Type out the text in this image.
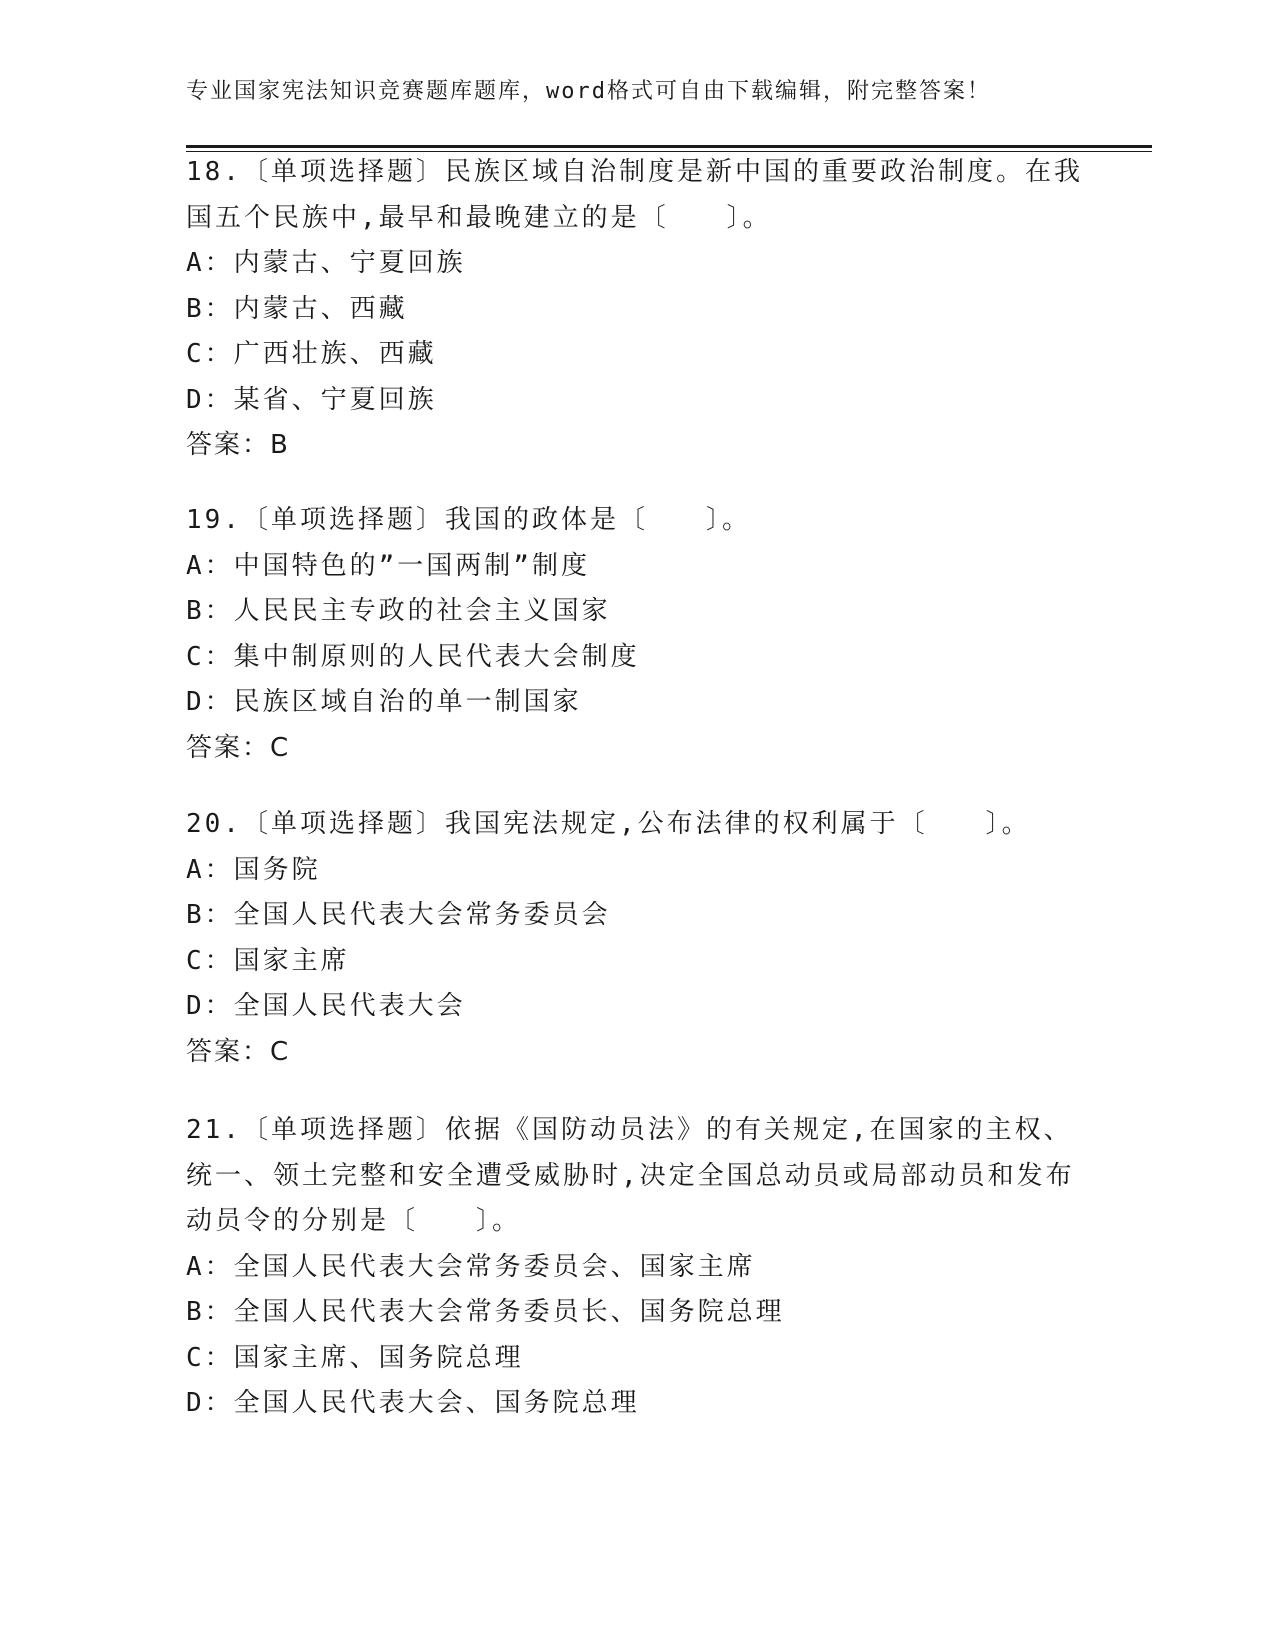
专业国家宪法知识竞赛题库题库，word格式可自由下载编辑，附完整答案！
18.〔单项选择题〕民族区域自治制度是新中国的重要政治制度。在我
国五个民族中,最早和最晚建立的是〔　　〕。
A：内蒙古、宁夏回族
B：内蒙古、西藏
C：广西壮族、西藏
D：某省、宁夏回族
答案：B
19.〔单项选择题〕我国的政体是〔　　〕。
A：中国特色的”一国两制”制度
B：人民民主专政的社会主义国家
C：集中制原则的人民代表大会制度
D：民族区域自治的单一制国家
答案：C
20.〔单项选择题〕我国宪法规定,公布法律的权利属于〔　　〕。
A：国务院
B：全国人民代表大会常务委员会
C：国家主席
D：全国人民代表大会
答案：C
21.〔单项选择题〕依据《国防动员法》的有关规定,在国家的主权、
统一、领土完整和安全遭受威胁时,决定全国总动员或局部动员和发布
动员令的分别是〔　　〕。
A：全国人民代表大会常务委员会、国家主席
B：全国人民代表大会常务委员长、国务院总理
C：国家主席、国务院总理
D：全国人民代表大会、国务院总理
